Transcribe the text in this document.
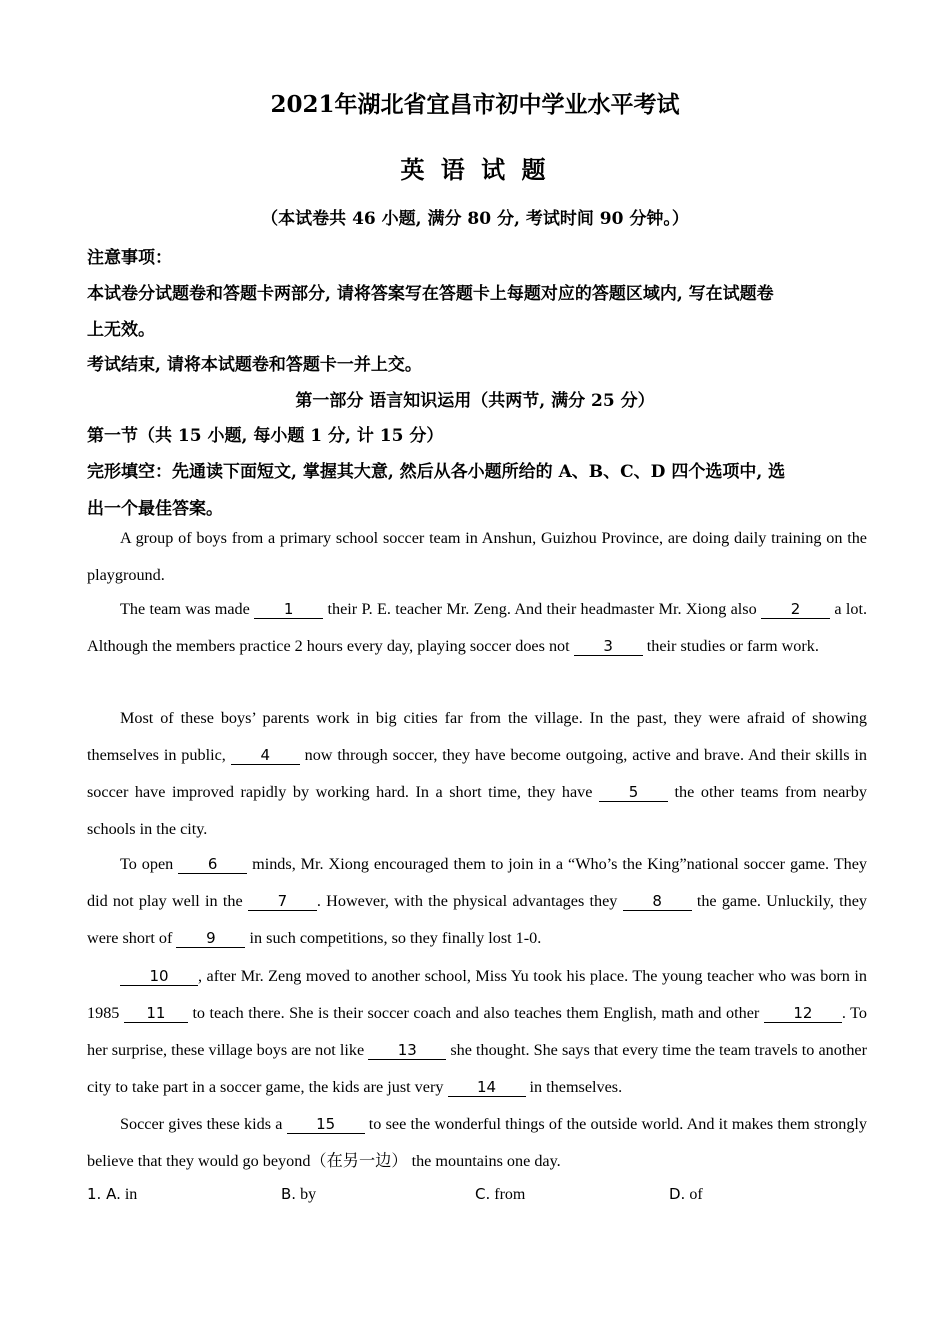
2021年湖北省宜昌市初中学业水平考试
英 语 试 题
（本试卷共 46 小题, 满分 80 分, 考试时间 90 分钟。）
注意事项：
本试卷分试题卷和答题卡两部分, 请将答案写在答题卡上每题对应的答题区域内, 写在试题卷
上无效。
考试结束, 请将本试题卷和答题卡一并上交。
第一部分 语言知识运用（共两节, 满分 25 分）
第一节（共 15 小题, 每小题 1 分, 计 15 分）
完形填空：先通读下面短文, 掌握其大意, 然后从各小题所给的 A、B、C、D 四个选项中, 选
出一个最佳答案。
A group of boys from a primary school soccer team in Anshun, Guizhou Province, are doing daily training on the playground.
The team was made 1 their P. E. teacher Mr. Zeng. And their headmaster Mr. Xiong also 2 a lot. Although the members practice 2 hours every day, playing soccer does not 3 their studies or farm work.
Most of these boys’ parents work in big cities far from the village. In the past, they were afraid of showing themselves in public, 4 now through soccer, they have become outgoing, active and brave. And their skills in soccer have improved rapidly by working hard. In a short time, they have 5 the other teams from nearby schools in the city.
To open 6 minds, Mr. Xiong encouraged them to join in a “Who’s the King”national soccer game. They did not play well in the 7 . However, with the physical advantages they 8 the game. Unluckily, they were short of 9 in such competitions, so they finally lost 1-0.
10 , after Mr. Zeng moved to another school, Miss Yu took his place. The young teacher who was born in 1985 11 to teach there. She is their soccer coach and also teaches them English, math and other 12 . To her surprise, these village boys are not like 13 she thought. She says that every time the team travels to another city to take part in a soccer game, the kids are just very 14 in themselves.
Soccer gives these kids a 15 to see the wonderful things of the outside world. And it makes them strongly believe that they would go beyond（在另一边） the mountains one day.
1. A. in	B. by	C. from	D. of
